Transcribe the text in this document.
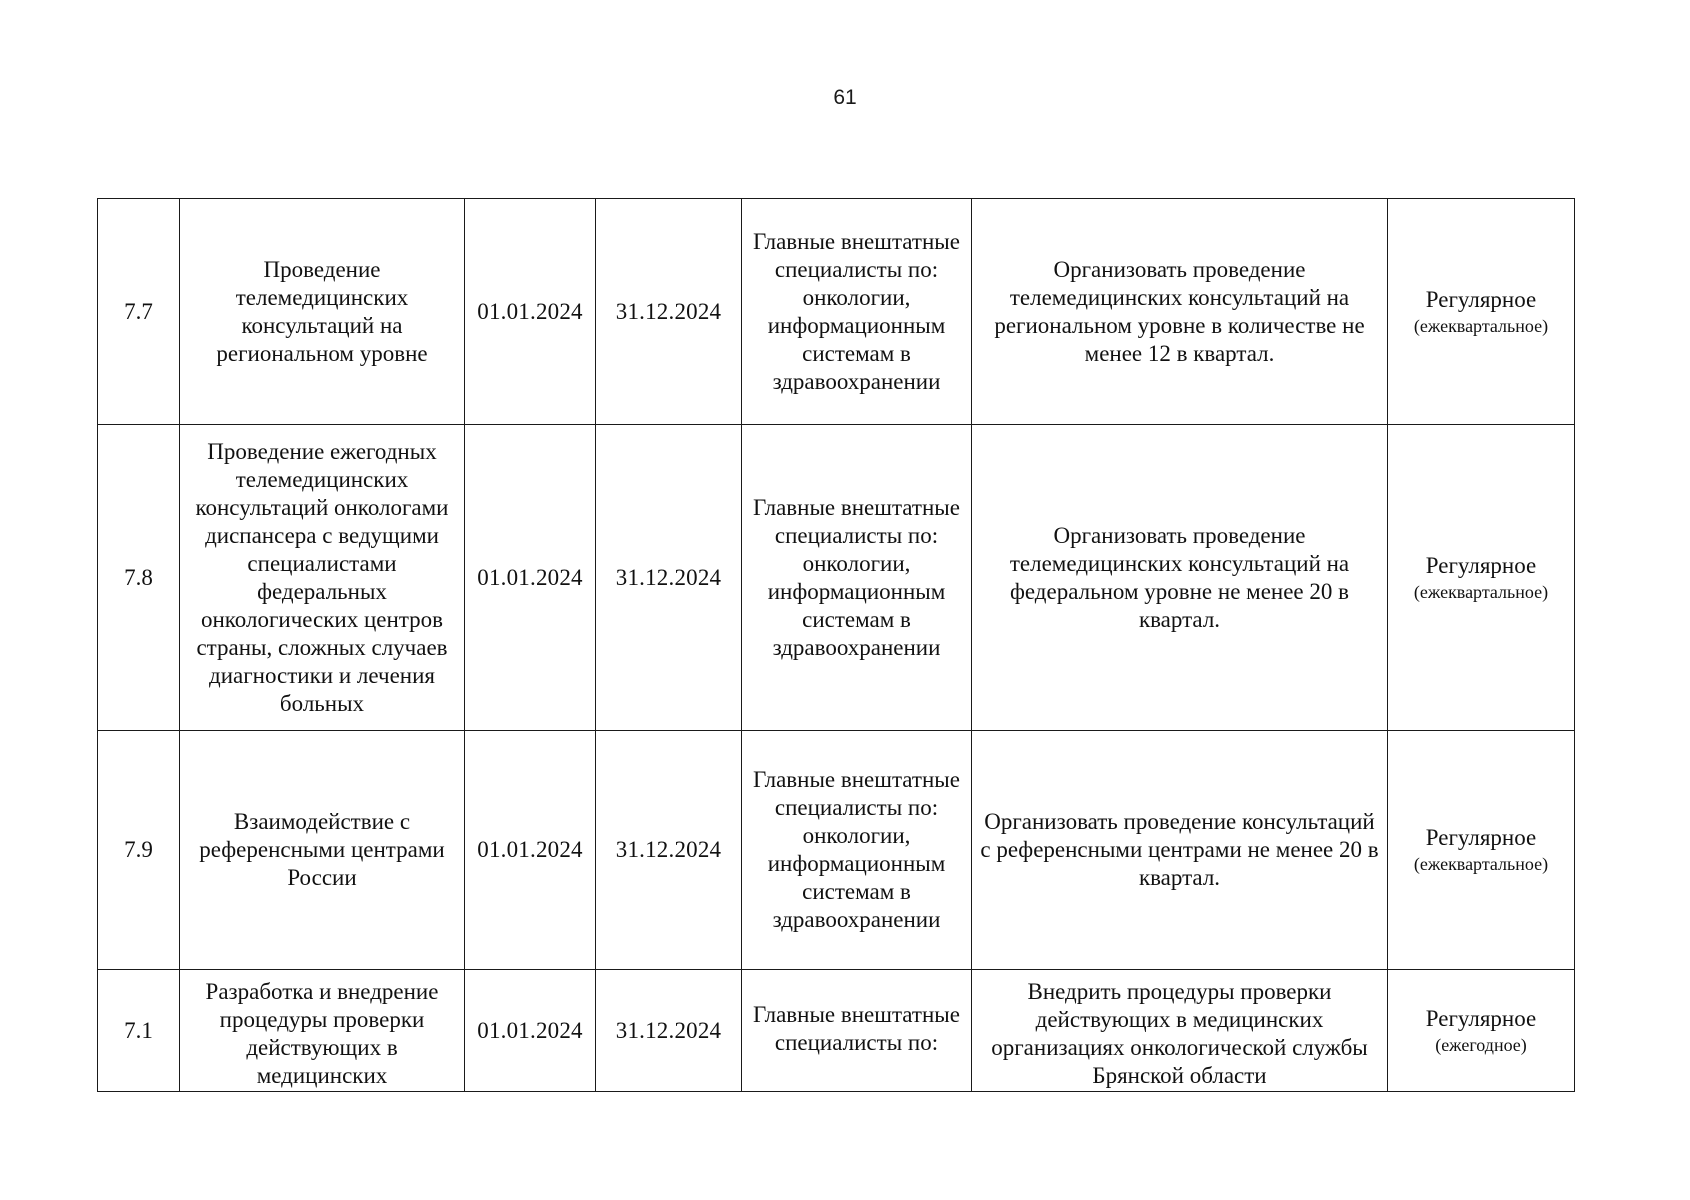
61
7.7	Проведение телемедицинских консультаций на региональном уровне	01.01.2024	31.12.2024	Главные внештатные специалисты по: онкологии, информационным системам в здравоохранении	Организовать проведение телемедицинских консультаций на региональном уровне в количестве не менее 12 в квартал.	Регулярное
(ежеквартальное)

7.8	Проведение ежегодных телемедицинских консультаций онкологами диспансера с ведущими специалистами федеральных онкологических центров страны, сложных случаев диагностики и лечения больных	01.01.2024	31.12.2024	Главные внештатные специалисты по: онкологии, информационным системам в здравоохранении	Организовать проведение телемедицинских консультаций на федеральном уровне не менее 20 в квартал.	Регулярное
(ежеквартальное)

7.9	Взаимодействие с референсными центрами России	01.01.2024	31.12.2024	Главные внештатные специалисты по: онкологии, информационным системам в здравоохранении	Организовать проведение консультаций с референсными центрами не менее 20 в квартал.	Регулярное
(ежеквартальное)

7.1	Разработка и внедрение процедуры проверки действующих в медицинских	01.01.2024	31.12.2024	Главные внештатные специалисты по:	Внедрить процедуры проверки действующих в медицинских организациях онкологической службы Брянской области	Регулярное
(ежегодное)
